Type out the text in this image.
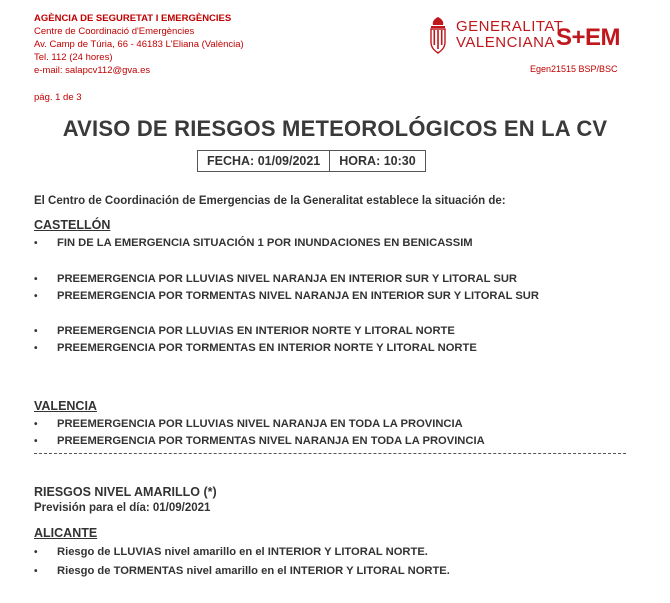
AGÈNCIA DE SEGURETAT I EMERGÈNCIES
Centre de Coordinació d'Emergències
Av. Camp de Túria, 66 - 46183 L'Eliana (València)
Tel. 112 (24 hores)
e-mail: salapcv112@gva.es
GENERALITAT
VALENCIANA S+EM
Egen21515 BSP/BSC
pág. 1 de 3
AVISO DE RIESGOS METEOROLÓGICOS EN LA CV
FECHA: 01/09/2021	HORA: 10:30
El Centro de Coordinación de Emergencias de la Generalitat establece la situación de:
CASTELLÓN
• FIN DE LA EMERGENCIA SITUACIÓN 1 POR INUNDACIONES EN BENICASSIM
• PREEMERGENCIA POR LLUVIAS NIVEL NARANJA EN INTERIOR SUR Y LITORAL SUR
• PREEMERGENCIA POR TORMENTAS NIVEL NARANJA EN INTERIOR SUR Y LITORAL SUR
• PREEMERGENCIA POR LLUVIAS EN INTERIOR NORTE Y LITORAL NORTE
• PREEMERGENCIA POR TORMENTAS EN INTERIOR NORTE Y LITORAL NORTE
VALENCIA
• PREEMERGENCIA POR LLUVIAS NIVEL NARANJA EN TODA LA PROVINCIA
• PREEMERGENCIA POR TORMENTAS NIVEL NARANJA EN TODA LA PROVINCIA
RIESGOS NIVEL AMARILLO (*)
Previsión para el día: 01/09/2021
ALICANTE
• Riesgo de LLUVIAS nivel amarillo en el INTERIOR Y LITORAL NORTE.
• Riesgo de TORMENTAS nivel amarillo en el INTERIOR Y LITORAL NORTE.
